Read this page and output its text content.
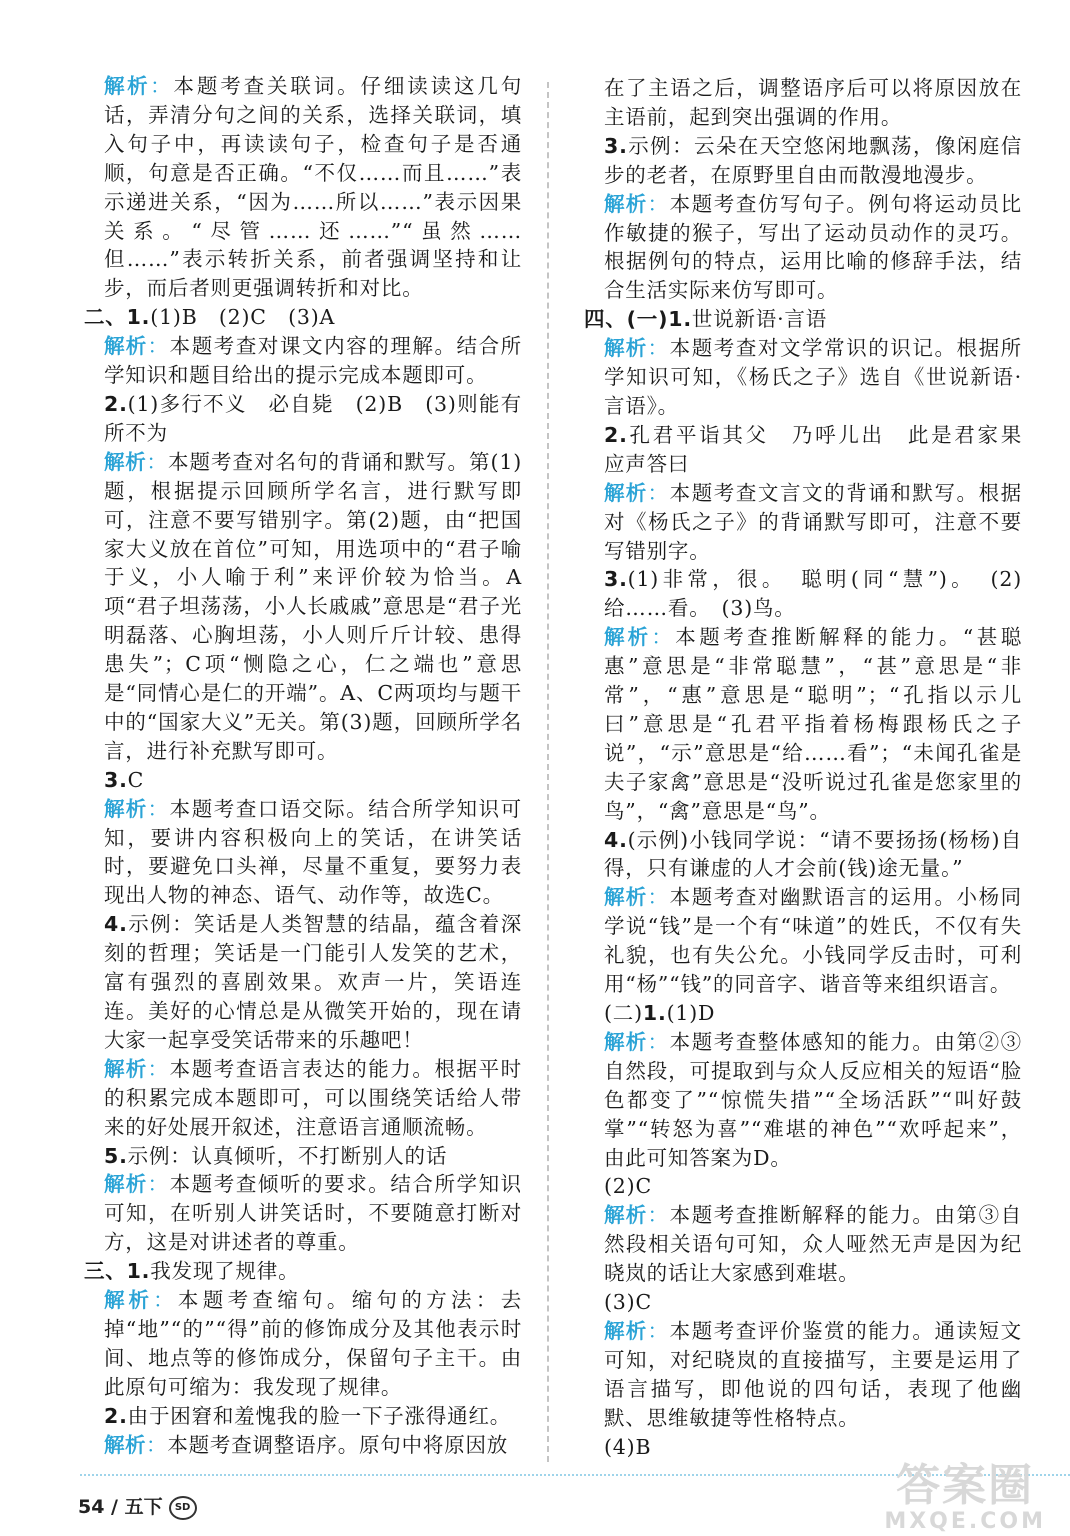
解析：本题考查关联词。仔细读读这几句话，弄清分句之间的关系，选择关联词，填入句子中，再读读句子，检查句子是否通顺，句意是否正确。“不仅……而且……”表示递进关系，“因为……所以……”表示因果关系。“尽管……还……”“虽然……但……”表示转折关系，前者强调坚持和让步，而后者则更强调转折和对比。

二、1.(1)B　(2)C　(3)A

解析：本题考查对课文内容的理解。结合所学知识和题目给出的提示完成本题即可。

2.(1)多行不义　必自毙　(2)B　(3)则能有所不为

解析：本题考查对名句的背诵和默写。第(1)题，根据提示回顾所学名言，进行默写即可，注意不要写错别字。第(2)题，由“把国家大义放在首位”可知，用选项中的“君子喻于义，小人喻于利”来评价较为恰当。A项“君子坦荡荡，小人长戚戚”意思是“君子光明磊落、心胸坦荡，小人则斤斤计较、患得患失”；C项“恻隐之心，仁之端也”意思是“同情心是仁的开端”。A、C两项均与题干中的“国家大义”无关。第(3)题，回顾所学名言，进行补充默写即可。

3.C

解析：本题考查口语交际。结合所学知识可知，要讲内容积极向上的笑话，在讲笑话时，要避免口头禅，尽量不重复，要努力表现出人物的神态、语气、动作等，故选C。

4.示例：笑话是人类智慧的结晶，蕴含着深刻的哲理；笑话是一门能引人发笑的艺术，富有强烈的喜剧效果。欢声一片，笑语连连。美好的心情总是从微笑开始的，现在请大家一起享受笑话带来的乐趣吧！

解析：本题考查语言表达的能力。根据平时的积累完成本题即可，可以围绕笑话给人带来的好处展开叙述，注意语言通顺流畅。

5.示例：认真倾听，不打断别人的话

解析：本题考查倾听的要求。结合所学知识可知，在听别人讲笑话时，不要随意打断对方，这是对讲述者的尊重。

三、1.我发现了规律。

解析：本题考查缩句。缩句的方法：去掉“地”“的”“得”前的修饰成分及其他表示时间、地点等的修饰成分，保留句子主干。由此原句可缩为：我发现了规律。

2.由于困窘和羞愧我的脸一下子涨得通红。

解析：本题考查调整语序。原句中将原因放

在了主语之后，调整语序后可以将原因放在主语前，起到突出强调的作用。

3.示例：云朵在天空悠闲地飘荡，像闲庭信步的老者，在原野里自由而散漫地漫步。

解析：本题考查仿写句子。例句将运动员比作敏捷的猴子，写出了运动员动作的灵巧。根据例句的特点，运用比喻的修辞手法，结合生活实际来仿写即可。

四、(一)1.世说新语·言语

解析：本题考查对文学常识的识记。根据所学知识可知，《杨氏之子》选自《世说新语·言语》。

2.孔君平诣其父　乃呼儿出　此是君家果　应声答曰

解析：本题考查文言文的背诵和默写。根据对《杨氏之子》的背诵默写即可，注意不要写错别字。

3.(1)非常，很。　聪明(同“慧”)。　(2)给……看。　(3)鸟。

解析：本题考查推断解释的能力。“甚聪惠”意思是“非常聪慧”，“甚”意思是“非常”，“惠”意思是“聪明”；“孔指以示儿曰”意思是“孔君平指着杨梅跟杨氏之子说”，“示”意思是“给……看”；“未闻孔雀是夫子家禽”意思是“没听说过孔雀是您家里的鸟”，“禽”意思是“鸟”。

4.(示例)小钱同学说：“请不要扬扬(杨杨)自得，只有谦虚的人才会前(钱)途无量。”

解析：本题考查对幽默语言的运用。小杨同学说“钱”是一个有“味道”的姓氏，不仅有失礼貌，也有失公允。小钱同学反击时，可利用“杨”“钱”的同音字、谐音等来组织语言。

(二)1.(1)D

解析：本题考查整体感知的能力。由第②③自然段，可提取到与众人反应相关的短语“脸色都变了”“惊慌失措”“全场活跃”“叫好鼓掌”“转怒为喜”“难堪的神色”“欢呼起来”，由此可知答案为D。

(2)C

解析：本题考查推断解释的能力。由第③自然段相关语句可知，众人哑然无声是因为纪晓岚的话让大家感到难堪。

(3)C

解析：本题考查评价鉴赏的能力。通读短文可知，对纪晓岚的直接描写，主要是运用了语言描写，即他说的四句话，表现了他幽默、思维敏捷等性格特点。

(4)B

54 / 五下 SD	答案圈
MXQE.COM
